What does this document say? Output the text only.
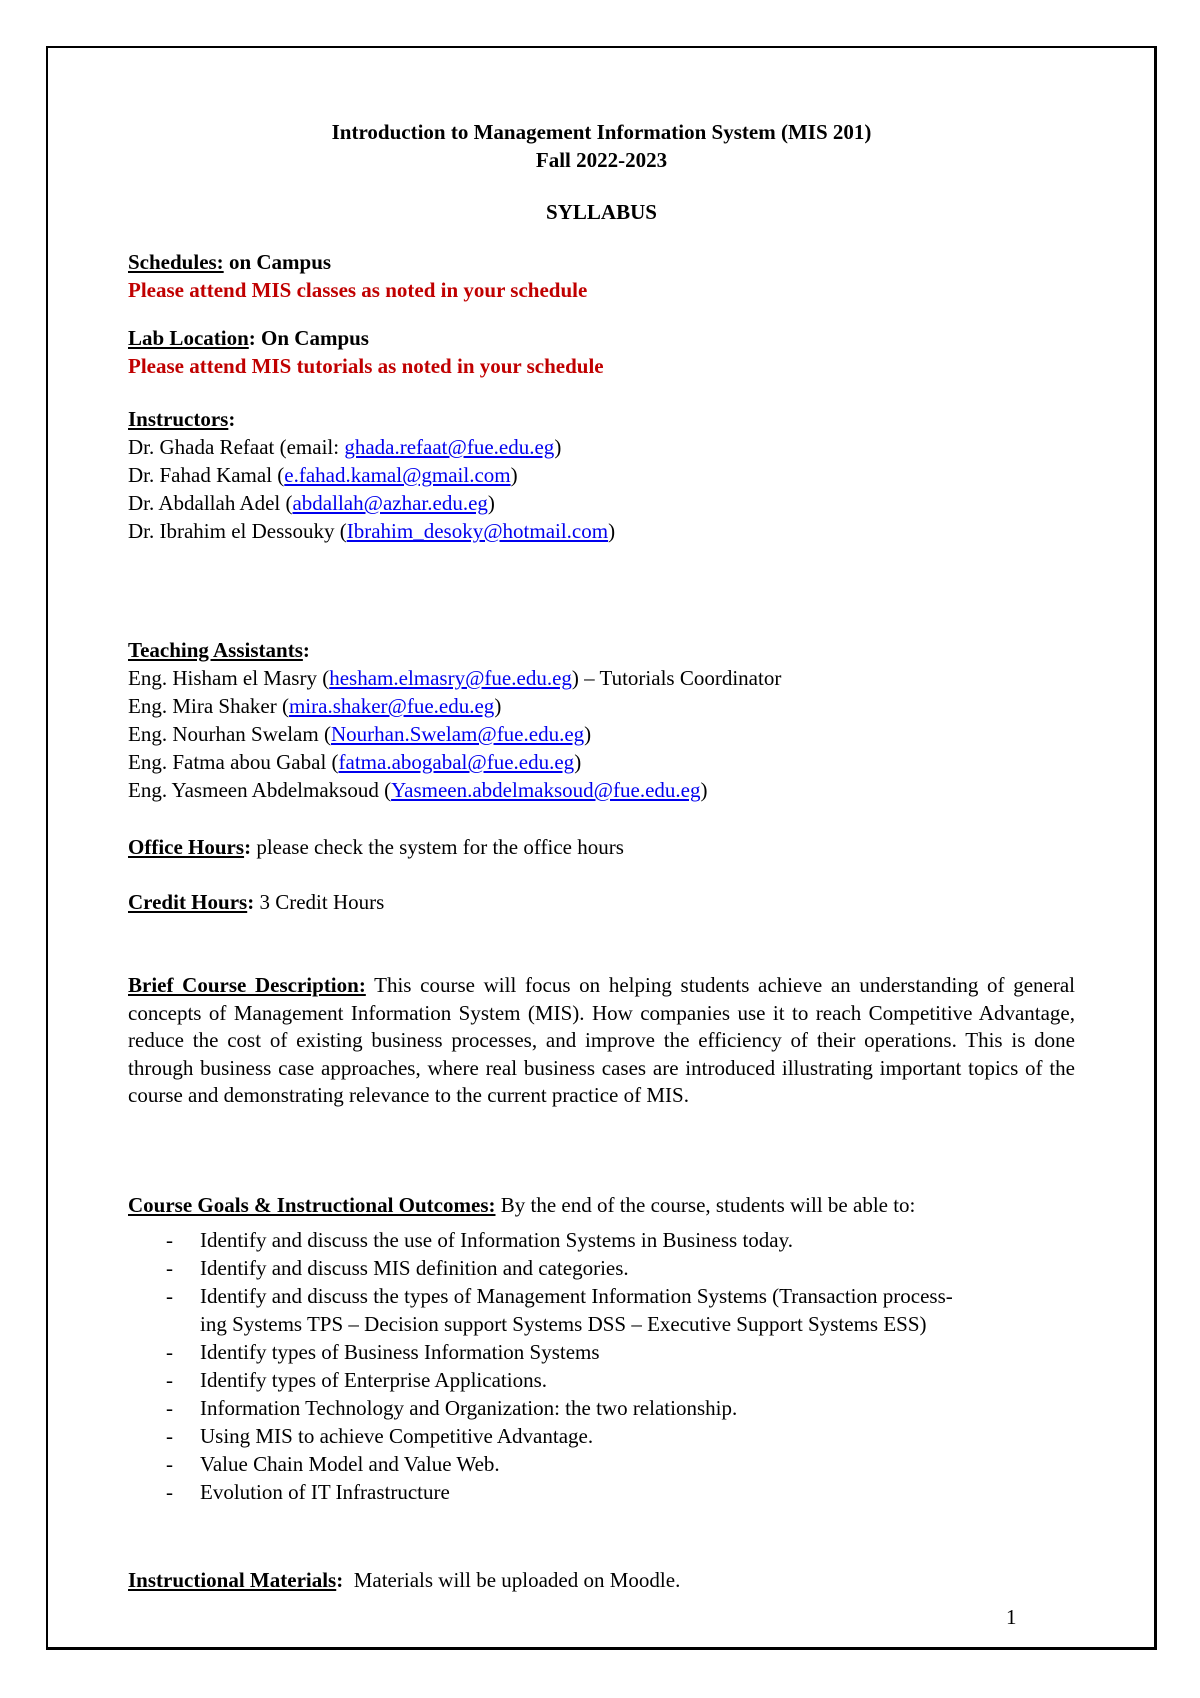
Introduction to Management Information System (MIS 201)
Fall 2022-2023
SYLLABUS
Schedules: on Campus
Please attend MIS classes as noted in your schedule
Lab Location: On Campus
Please attend MIS tutorials as noted in your schedule
Instructors:
Dr. Ghada Refaat (email: ghada.refaat@fue.edu.eg)
Dr. Fahad Kamal (e.fahad.kamal@gmail.com)
Dr. Abdallah Adel (abdallah@azhar.edu.eg)
Dr. Ibrahim el Dessouky (Ibrahim_desoky@hotmail.com)
Teaching Assistants:
Eng. Hisham el Masry (hesham.elmasry@fue.edu.eg) – Tutorials Coordinator
Eng. Mira Shaker (mira.shaker@fue.edu.eg)
Eng. Nourhan Swelam (Nourhan.Swelam@fue.edu.eg)
Eng. Fatma abou Gabal (fatma.abogabal@fue.edu.eg)
Eng. Yasmeen Abdelmaksoud (Yasmeen.abdelmaksoud@fue.edu.eg)
Office Hours: please check the system for the office hours
Credit Hours: 3 Credit Hours
Brief Course Description: This course will focus on helping students achieve an understanding of general concepts of Management Information System (MIS). How companies use it to reach Competitive Advantage, reduce the cost of existing business processes, and improve the efficiency of their operations. This is done through business case approaches, where real business cases are introduced illustrating important topics of the course and demonstrating relevance to the current practice of MIS.
Course Goals & Instructional Outcomes: By the end of the course, students will be able to:
- Identify and discuss the use of Information Systems in Business today.
- Identify and discuss MIS definition and categories.
- Identify and discuss the types of Management Information Systems (Transaction process-
ing Systems TPS – Decision support Systems DSS – Executive Support Systems ESS)
- Identify types of Business Information Systems
- Identify types of Enterprise Applications.
- Information Technology and Organization: the two relationship.
- Using MIS to achieve Competitive Advantage.
- Value Chain Model and Value Web.
- Evolution of IT Infrastructure
Instructional Materials:  Materials will be uploaded on Moodle.
1
